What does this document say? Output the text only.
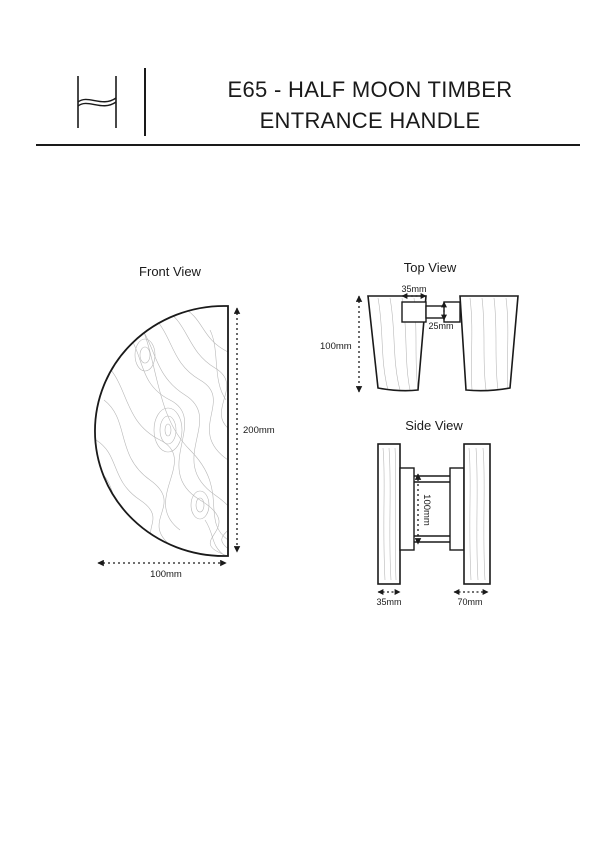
E65 - HALF MOON TIMBER
ENTRANCE HANDLE
Front View
200mm
100mm
Top View
35mm
25mm
100mm
Side View
100mm
35mm	70mm
